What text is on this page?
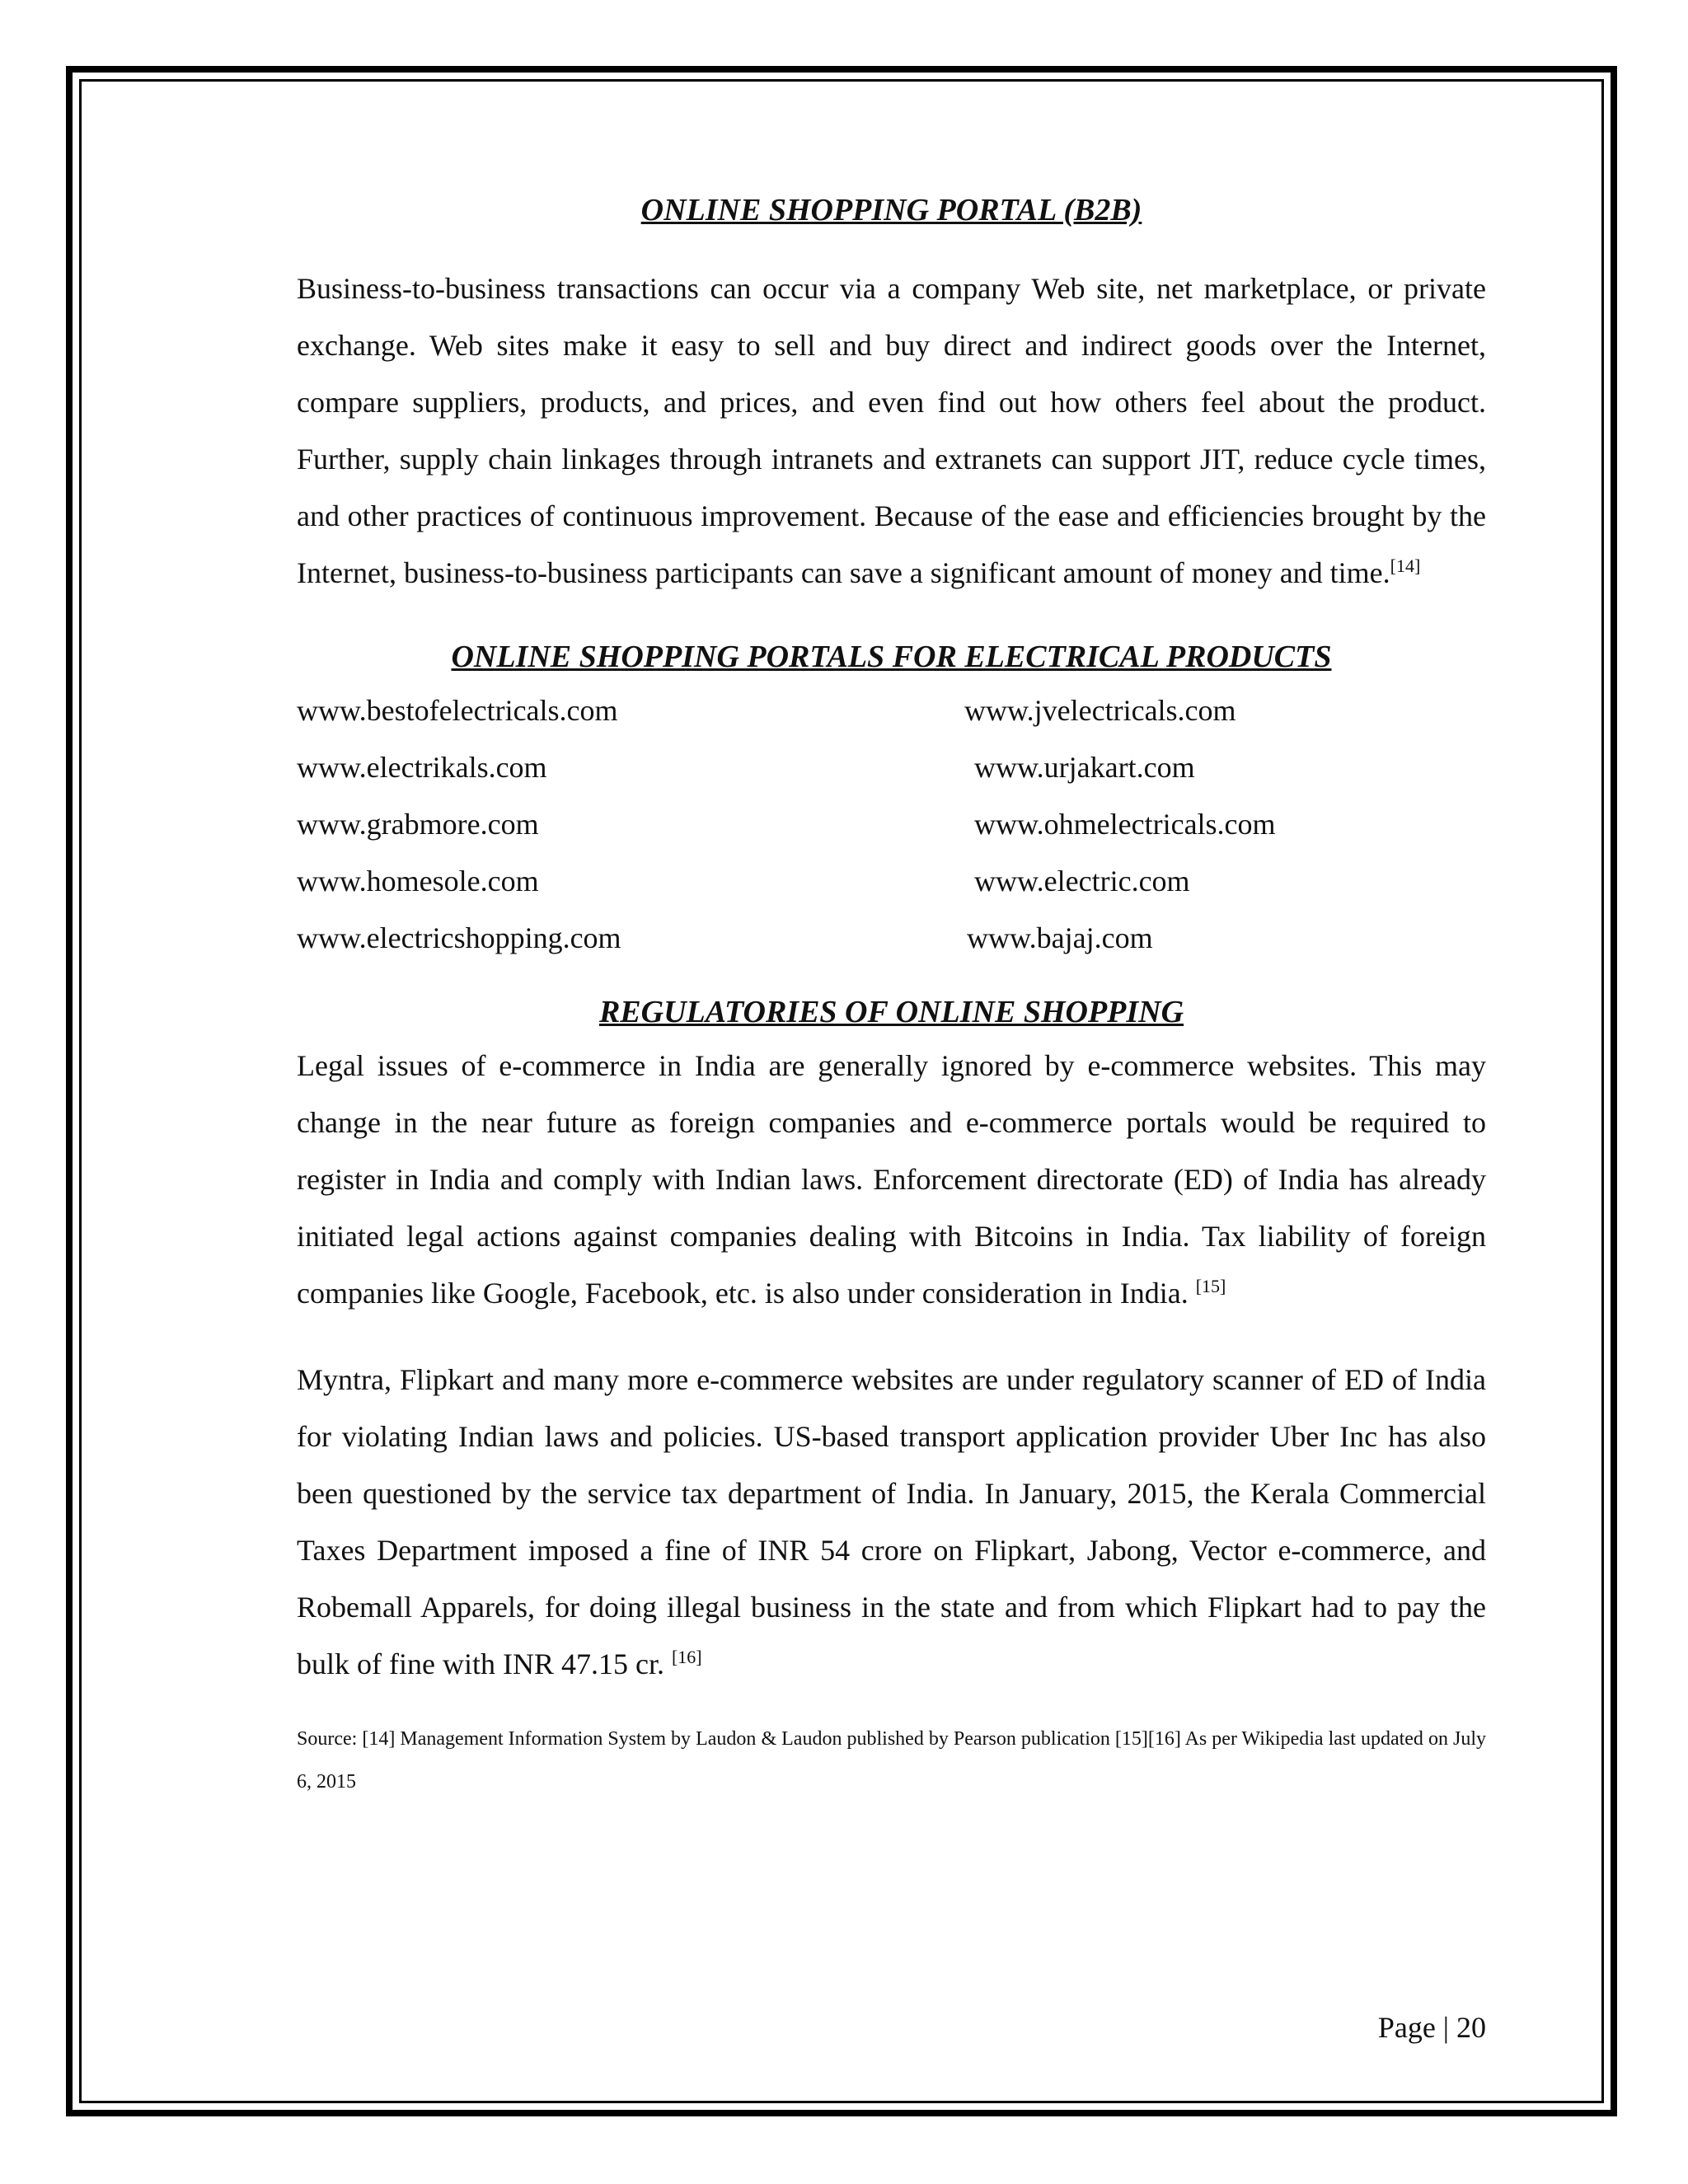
ONLINE SHOPPING PORTAL (B2B)

Business-to-business transactions can occur via a company Web site, net marketplace, or private exchange. Web sites make it easy to sell and buy direct and indirect goods over the Internet, compare suppliers, products, and prices, and even find out how others feel about the product. Further, supply chain linkages through intranets and extranets can support JIT, reduce cycle times, and other practices of continuous improvement. Because of the ease and efficiencies brought by the Internet, business-to-business participants can save a significant amount of money and time.[14]

ONLINE SHOPPING PORTALS FOR ELECTRICAL PRODUCTS
www.bestofelectricals.com	www.jvelectricals.com
www.electrikals.com	www.urjakart.com
www.grabmore.com	www.ohmelectricals.com
www.homesole.com	www.electric.com
www.electricshopping.com	www.bajaj.com
REGULATORIES OF ONLINE SHOPPING

Legal issues of e-commerce in India are generally ignored by e-commerce websites. This may change in the near future as foreign companies and e-commerce portals would be required to register in India and comply with Indian laws. Enforcement directorate (ED) of India has already initiated legal actions against companies dealing with Bitcoins in India. Tax liability of foreign companies like Google, Facebook, etc. is also under consideration in India. [15]

Myntra, Flipkart and many more e-commerce websites are under regulatory scanner of ED of India for violating Indian laws and policies. US-based transport application provider Uber Inc has also been questioned by the service tax department of India. In January, 2015, the Kerala Commercial Taxes Department imposed a fine of INR 54 crore on Flipkart, Jabong, Vector e-commerce, and Robemall Apparels, for doing illegal business in the state and from which Flipkart had to pay the bulk of fine with INR 47.15 cr. [16]

Source: [14] Management Information System by Laudon & Laudon published by Pearson publication [15][16] As per Wikipedia last updated on July 6, 2015

Page | 20
